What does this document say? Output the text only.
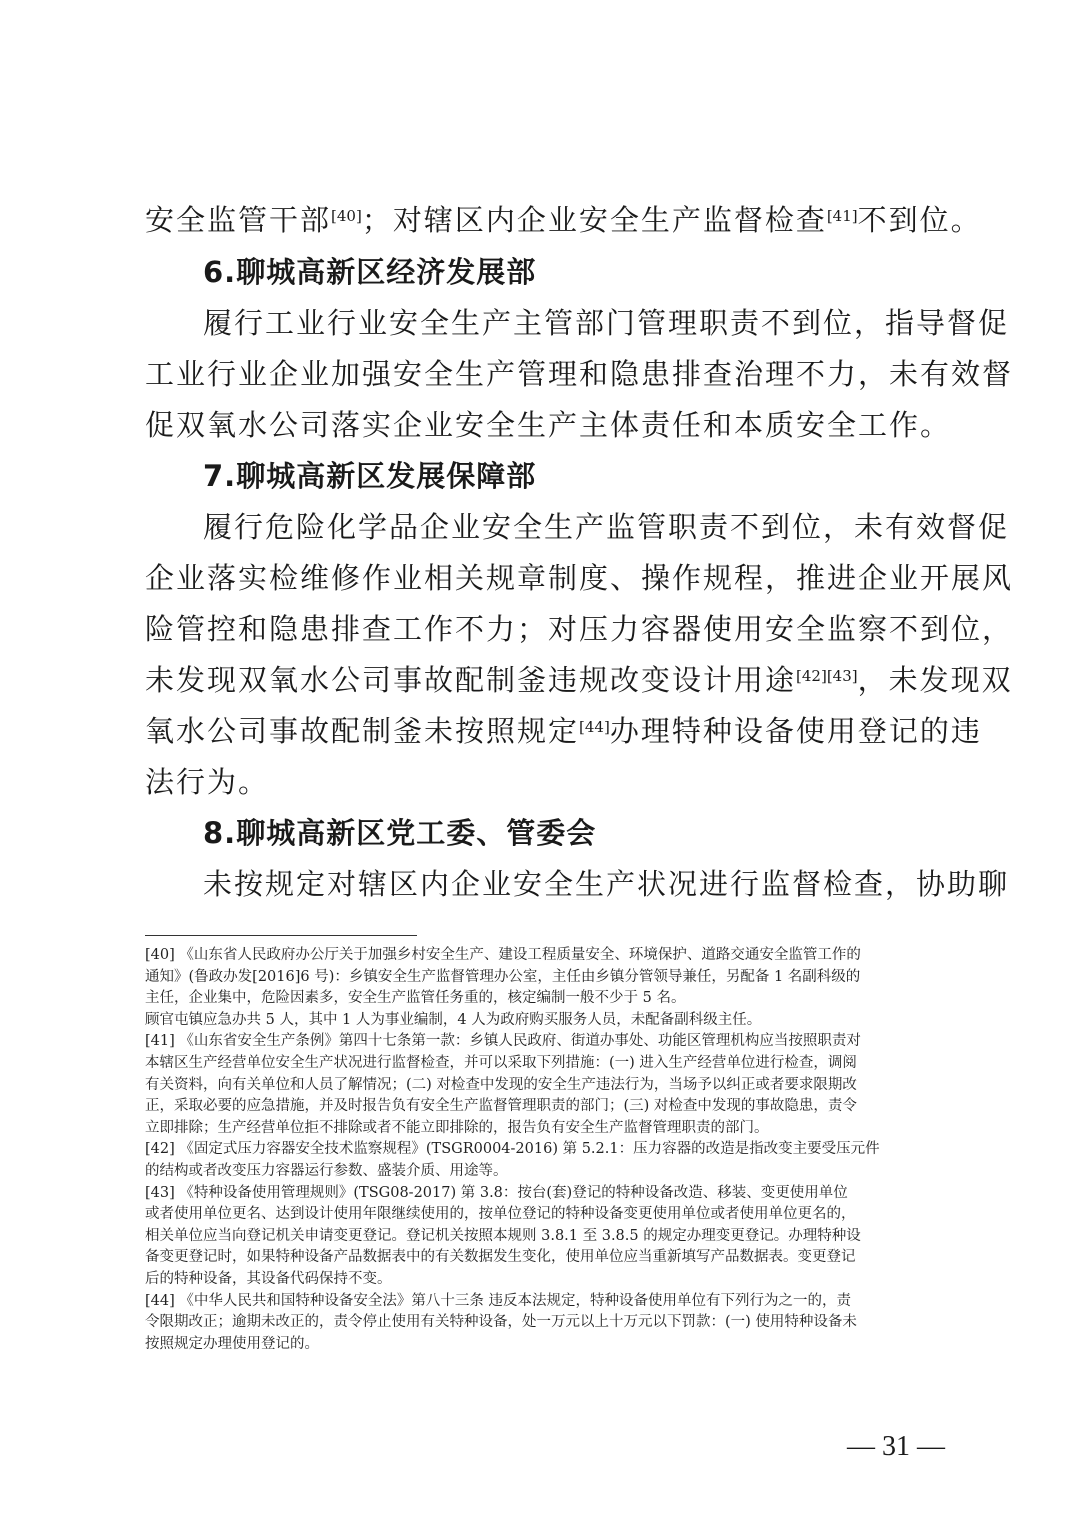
安全监管干部[40]；对辖区内企业安全生产监督检查[41]不到位。
6.聊城高新区经济发展部
履行工业行业安全生产主管部门管理职责不到位，指导督促
工业行业企业加强安全生产管理和隐患排查治理不力，未有效督
促双氧水公司落实企业安全生产主体责任和本质安全工作。
7.聊城高新区发展保障部
履行危险化学品企业安全生产监管职责不到位，未有效督促
企业落实检维修作业相关规章制度、操作规程，推进企业开展风
险管控和隐患排查工作不力；对压力容器使用安全监察不到位，
未发现双氧水公司事故配制釜违规改变设计用途[42][43]，未发现双
氧水公司事故配制釜未按照规定[44]办理特种设备使用登记的违
法行为。
8.聊城高新区党工委、管委会
未按规定对辖区内企业安全生产状况进行监督检查，协助聊
[40] 《山东省人民政府办公厅关于加强乡村安全生产、建设工程质量安全、环境保护、道路交通安全监管工作的
通知》(鲁政办发[2016]6 号)：乡镇安全生产监督管理办公室，主任由乡镇分管领导兼任，另配备 1 名副科级的
主任，企业集中，危险因素多，安全生产监管任务重的，核定编制一般不少于 5 名。
顾官屯镇应急办共 5 人，其中 1 人为事业编制，4 人为政府购买服务人员，未配备副科级主任。
[41] 《山东省安全生产条例》第四十七条第一款：乡镇人民政府、街道办事处、功能区管理机构应当按照职责对
本辖区生产经营单位安全生产状况进行监督检查，并可以采取下列措施：(一) 进入生产经营单位进行检查，调阅
有关资料，向有关单位和人员了解情况；(二) 对检查中发现的安全生产违法行为，当场予以纠正或者要求限期改
正，采取必要的应急措施，并及时报告负有安全生产监督管理职责的部门；(三) 对检查中发现的事故隐患，责令
立即排除；生产经营单位拒不排除或者不能立即排除的，报告负有安全生产监督管理职责的部门。
[42] 《固定式压力容器安全技术监察规程》(TSGR0004-2016) 第 5.2.1：压力容器的改造是指改变主要受压元件
的结构或者改变压力容器运行参数、盛装介质、用途等。
[43] 《特种设备使用管理规则》(TSG08-2017) 第 3.8：按台(套)登记的特种设备改造、移装、变更使用单位
或者使用单位更名、达到设计使用年限继续使用的，按单位登记的特种设备变更使用单位或者使用单位更名的，
相关单位应当向登记机关申请变更登记。登记机关按照本规则 3.8.1 至 3.8.5 的规定办理变更登记。办理特种设
备变更登记时，如果特种设备产品数据表中的有关数据发生变化，使用单位应当重新填写产品数据表。变更登记
后的特种设备，其设备代码保持不变。
[44] 《中华人民共和国特种设备安全法》第八十三条 违反本法规定，特种设备使用单位有下列行为之一的，责
令限期改正；逾期未改正的，责令停止使用有关特种设备，处一万元以上十万元以下罚款：(一) 使用特种设备未
按照规定办理使用登记的。
— 31 —
